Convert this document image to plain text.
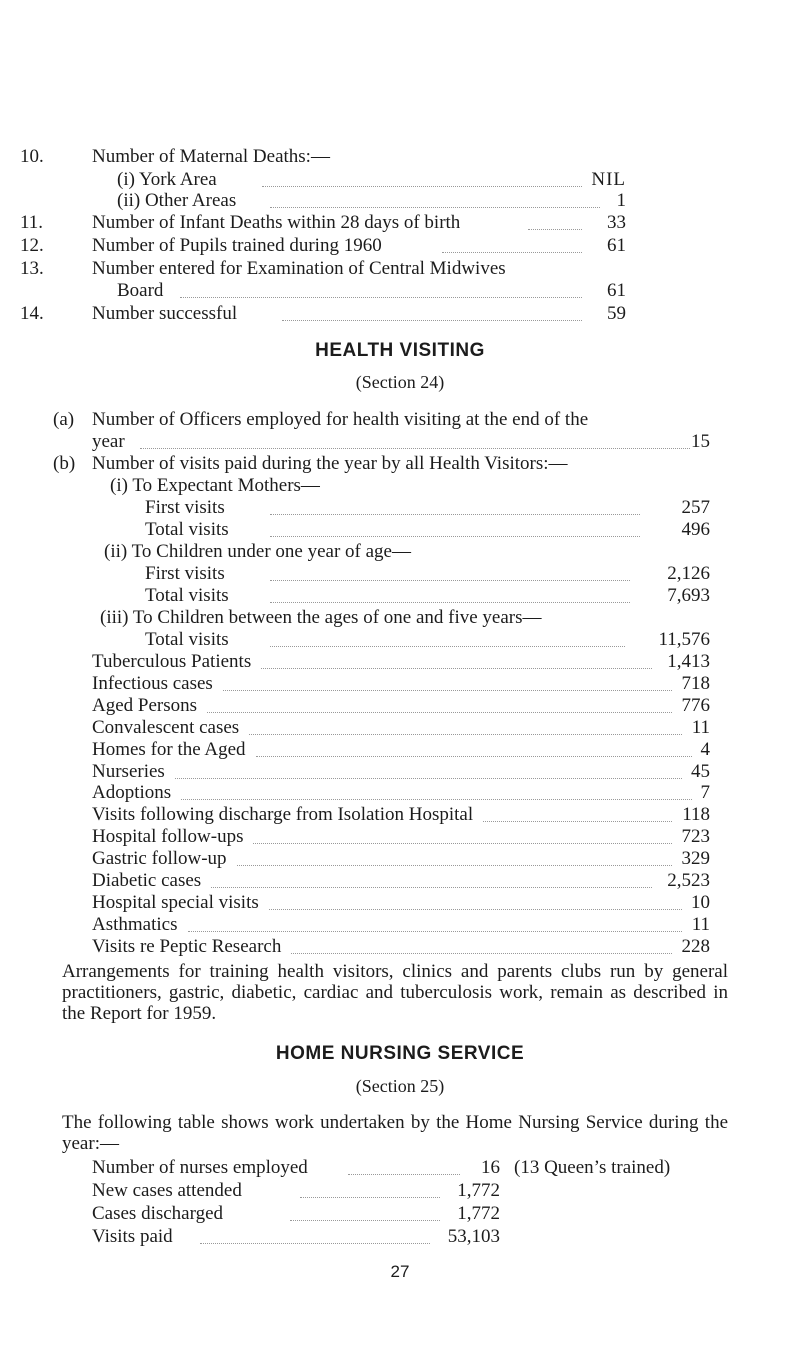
10.	Number of Maternal Deaths:—
(i) York Area	NIL
(ii) Other Areas	1
11.	Number of Infant Deaths within 28 days of birth	33
12.	Number of Pupils trained during 1960	61
13.	Number entered for Examination of Central Midwives
Board	61
14.	Number successful	59
HEALTH VISITING
(Section 24)
(a) Number of Officers employed for health visiting at the end of the
year	15
(b) Number of visits paid during the year by all Health Visitors:—
(i) To Expectant Mothers—
First visits	257
Total visits	496
(ii) To Children under one year of age—
First visits	2,126
Total visits	7,693
(iii) To Children between the ages of one and five years—
Total visits	11,576
Tuberculous Patients	1,413
Infectious cases	718
Aged Persons	776
Convalescent cases	11
Homes for the Aged	4
Nurseries	45
Adoptions	7
Visits following discharge from Isolation Hospital	118
Hospital follow-ups	723
Gastric follow-up	329
Diabetic cases	2,523
Hospital special visits	10
Asthmatics	11
Visits re Peptic Research	228
Arrangements for training health visitors, clinics and parents clubs run by general practitioners, gastric, diabetic, cardiac and tuberculosis work, remain as described in the Report for 1959.
HOME NURSING SERVICE
(Section 25)
The following table shows work undertaken by the Home Nursing Service during the year:—
Number of nurses employed	16 (13 Queen’s trained)
New cases attended	1,772
Cases discharged	1,772
Visits paid	53,103
27
